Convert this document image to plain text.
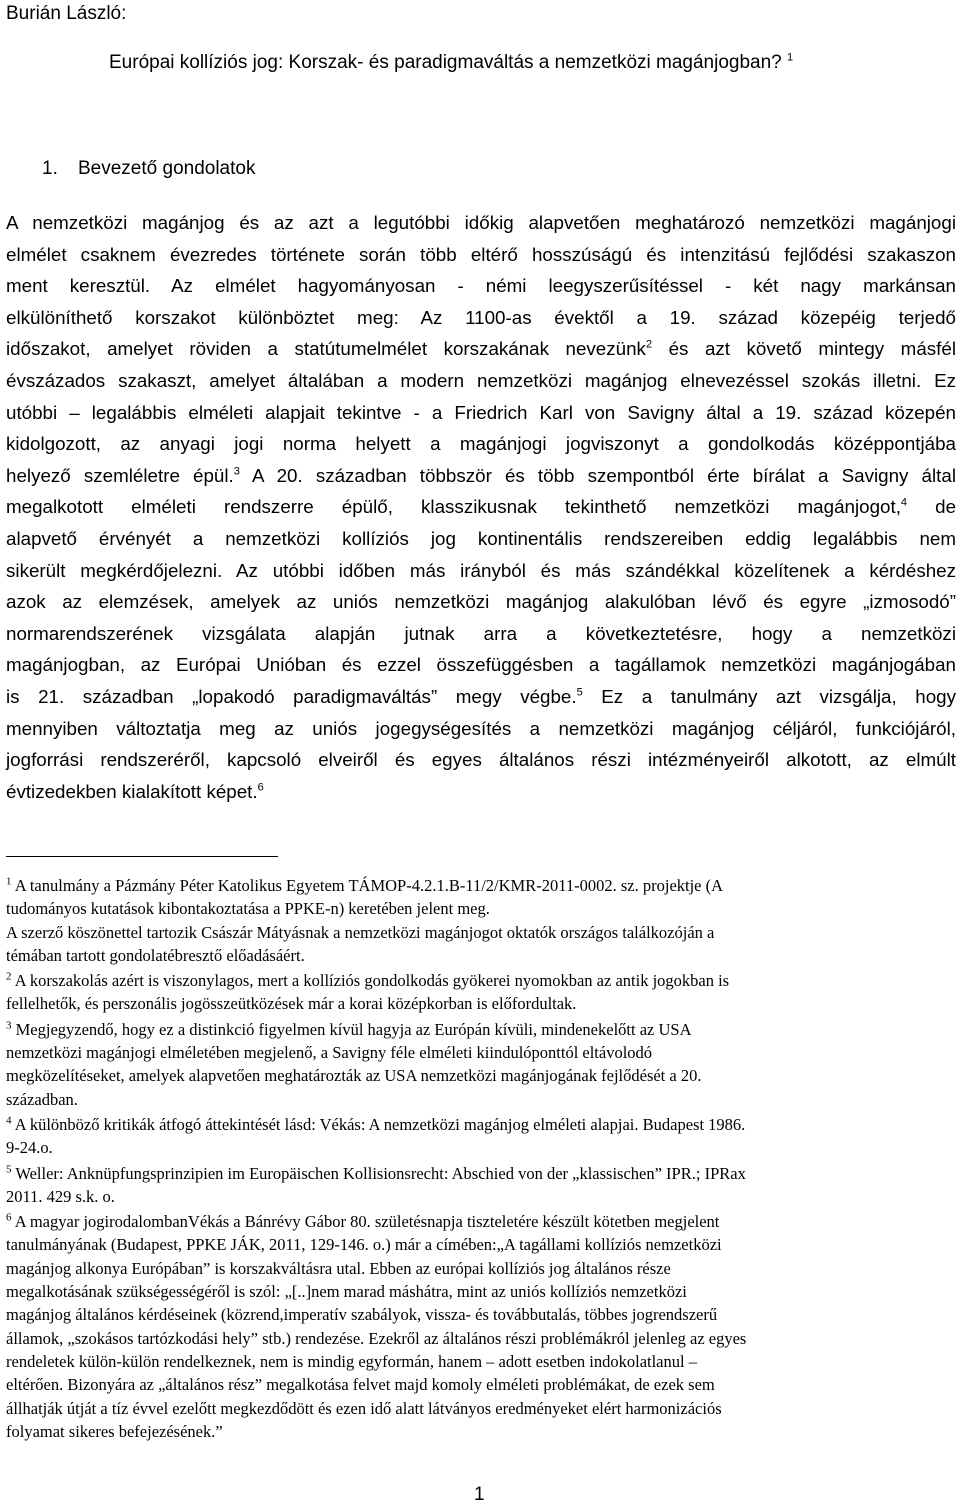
Burián László:
Európai kollíziós jog: Korszak- és paradigmaváltás a nemzetközi magánjogban? $^1$
1. Bevezető gondolatok
A nemzetközi magánjog és az azt a legutóbbi időkig alapvetően meghatározó nemzetközi magánjogi
elmélet csaknem évezredes története során több eltérő hosszúságú és intenzitású fejlődési szakaszon
ment keresztül. Az elmélet hagyományosan - némi leegyszerűsítéssel - két nagy markánsan
elkülöníthető korszakot különböztet meg: Az 1100-as évektől a 19. század közepéig terjedő
időszakot, amelyet röviden a statútumelmélet korszakának nevezünk$^2$ és azt követő mintegy másfél
évszázados szakaszt, amelyet általában a modern nemzetközi magánjog elnevezéssel szokás illetni. Ez
utóbbi – legalábbis elméleti alapjait tekintve - a Friedrich Karl von Savigny által a 19. század közepén
kidolgozott, az anyagi jogi norma helyett a magánjogi jogviszonyt a gondolkodás középpontjába
helyező szemléletre épül.$^3$ A 20. században többször és több szempontból érte bírálat a Savigny által
megalkotott elméleti rendszerre épülő, klasszikusnak tekinthető nemzetközi magánjogot,$^4$ de
alapvető érvényét a nemzetközi kollíziós jog kontinentális rendszereiben eddig legalábbis nem
sikerült megkérdőjelezni. Az utóbbi időben más irányból és más szándékkal közelítenek a kérdéshez
azok az elemzések, amelyek az uniós nemzetközi magánjog alakulóban lévő és egyre „izmosodó”
normarendszerének vizsgálata alapján jutnak arra a következtetésre, hogy a nemzetközi
magánjogban, az Európai Unióban és ezzel összefüggésben a tagállamok nemzetközi magánjogában
is 21. században „lopakodó paradigmaváltás” megy végbe.$^5$ Ez a tanulmány azt vizsgálja, hogy
mennyiben változtatja meg az uniós jogegységesítés a nemzetközi magánjog céljáról, funkciójáról,
jogforrási rendszeréről, kapcsoló elveiről és egyes általános részi intézményeiről alkotott, az elmúlt
évtizedekben kialakított képet.$^6$
$^1$ A tanulmány a Pázmány Péter Katolikus Egyetem TÁMOP-4.2.1.B-11/2/KMR-2011-0002. sz. projektje (A
tudományos kutatások kibontakoztatása a PPKE-n) keretében jelent meg.
A szerző köszönettel tartozik Császár Mátyásnak a nemzetközi magánjogot oktatók országos találkozóján a
témában tartott gondolatébresztő előadásáért.
$^2$ A korszakolás azért is viszonylagos, mert a kollíziós gondolkodás gyökerei nyomokban az antik jogokban is
fellelhetők, és perszonális jogösszeütközések már a korai középkorban is előfordultak.
$^3$ Megjegyzendő, hogy ez a distinkció figyelmen kívül hagyja az Európán kívüli, mindenekelőtt az USA
nemzetközi magánjogi elméletében megjelenő, a Savigny féle elméleti kiindulóponttól eltávolodó
megközelítéseket, amelyek alapvetően meghatározták az USA nemzetközi magánjogának fejlődését a 20.
században.
$^4$ A különböző kritikák átfogó áttekintését lásd: Vékás: A nemzetközi magánjog elméleti alapjai. Budapest 1986.
9-24.o.
$^5$ Weller: Anknüpfungsprinzipien im Europäischen Kollisionsrecht: Abschied von der „klassischen” IPR.; IPRax
2011. 429 s.k. o.
$^6$ A magyar jogirodalombanVékás a Bánrévy Gábor 80. születésnapja tiszteletére készült kötetben megjelent
tanulmányának (Budapest, PPKE JÁK, 2011, 129-146. o.) már a címében:„A tagállami kollíziós nemzetközi
magánjog alkonya Európában” is korszakváltásra utal. Ebben az európai kollíziós jog általános része
megalkotásának szükségességéről is szól: „[..]nem marad máshátra, mint az uniós kollíziós nemzetközi
magánjog általános kérdéseinek (közrend,imperatív szabályok, vissza- és továbbutalás, többes jogrendszerű
államok, „szokásos tartózkodási hely” stb.) rendezése. Ezekről az általános részi problémákról jelenleg az egyes
rendeletek külön-külön rendelkeznek, nem is mindig egyformán, hanem – adott esetben indokolatlanul –
eltérően. Bizonyára az „általános rész” megalkotása felvet majd komoly elméleti problémákat, de ezek sem
állhatják útját a tíz évvel ezelőtt megkezdődött és ezen idő alatt látványos eredményeket elért harmonizációs
folyamat sikeres befejezésének.”
1
